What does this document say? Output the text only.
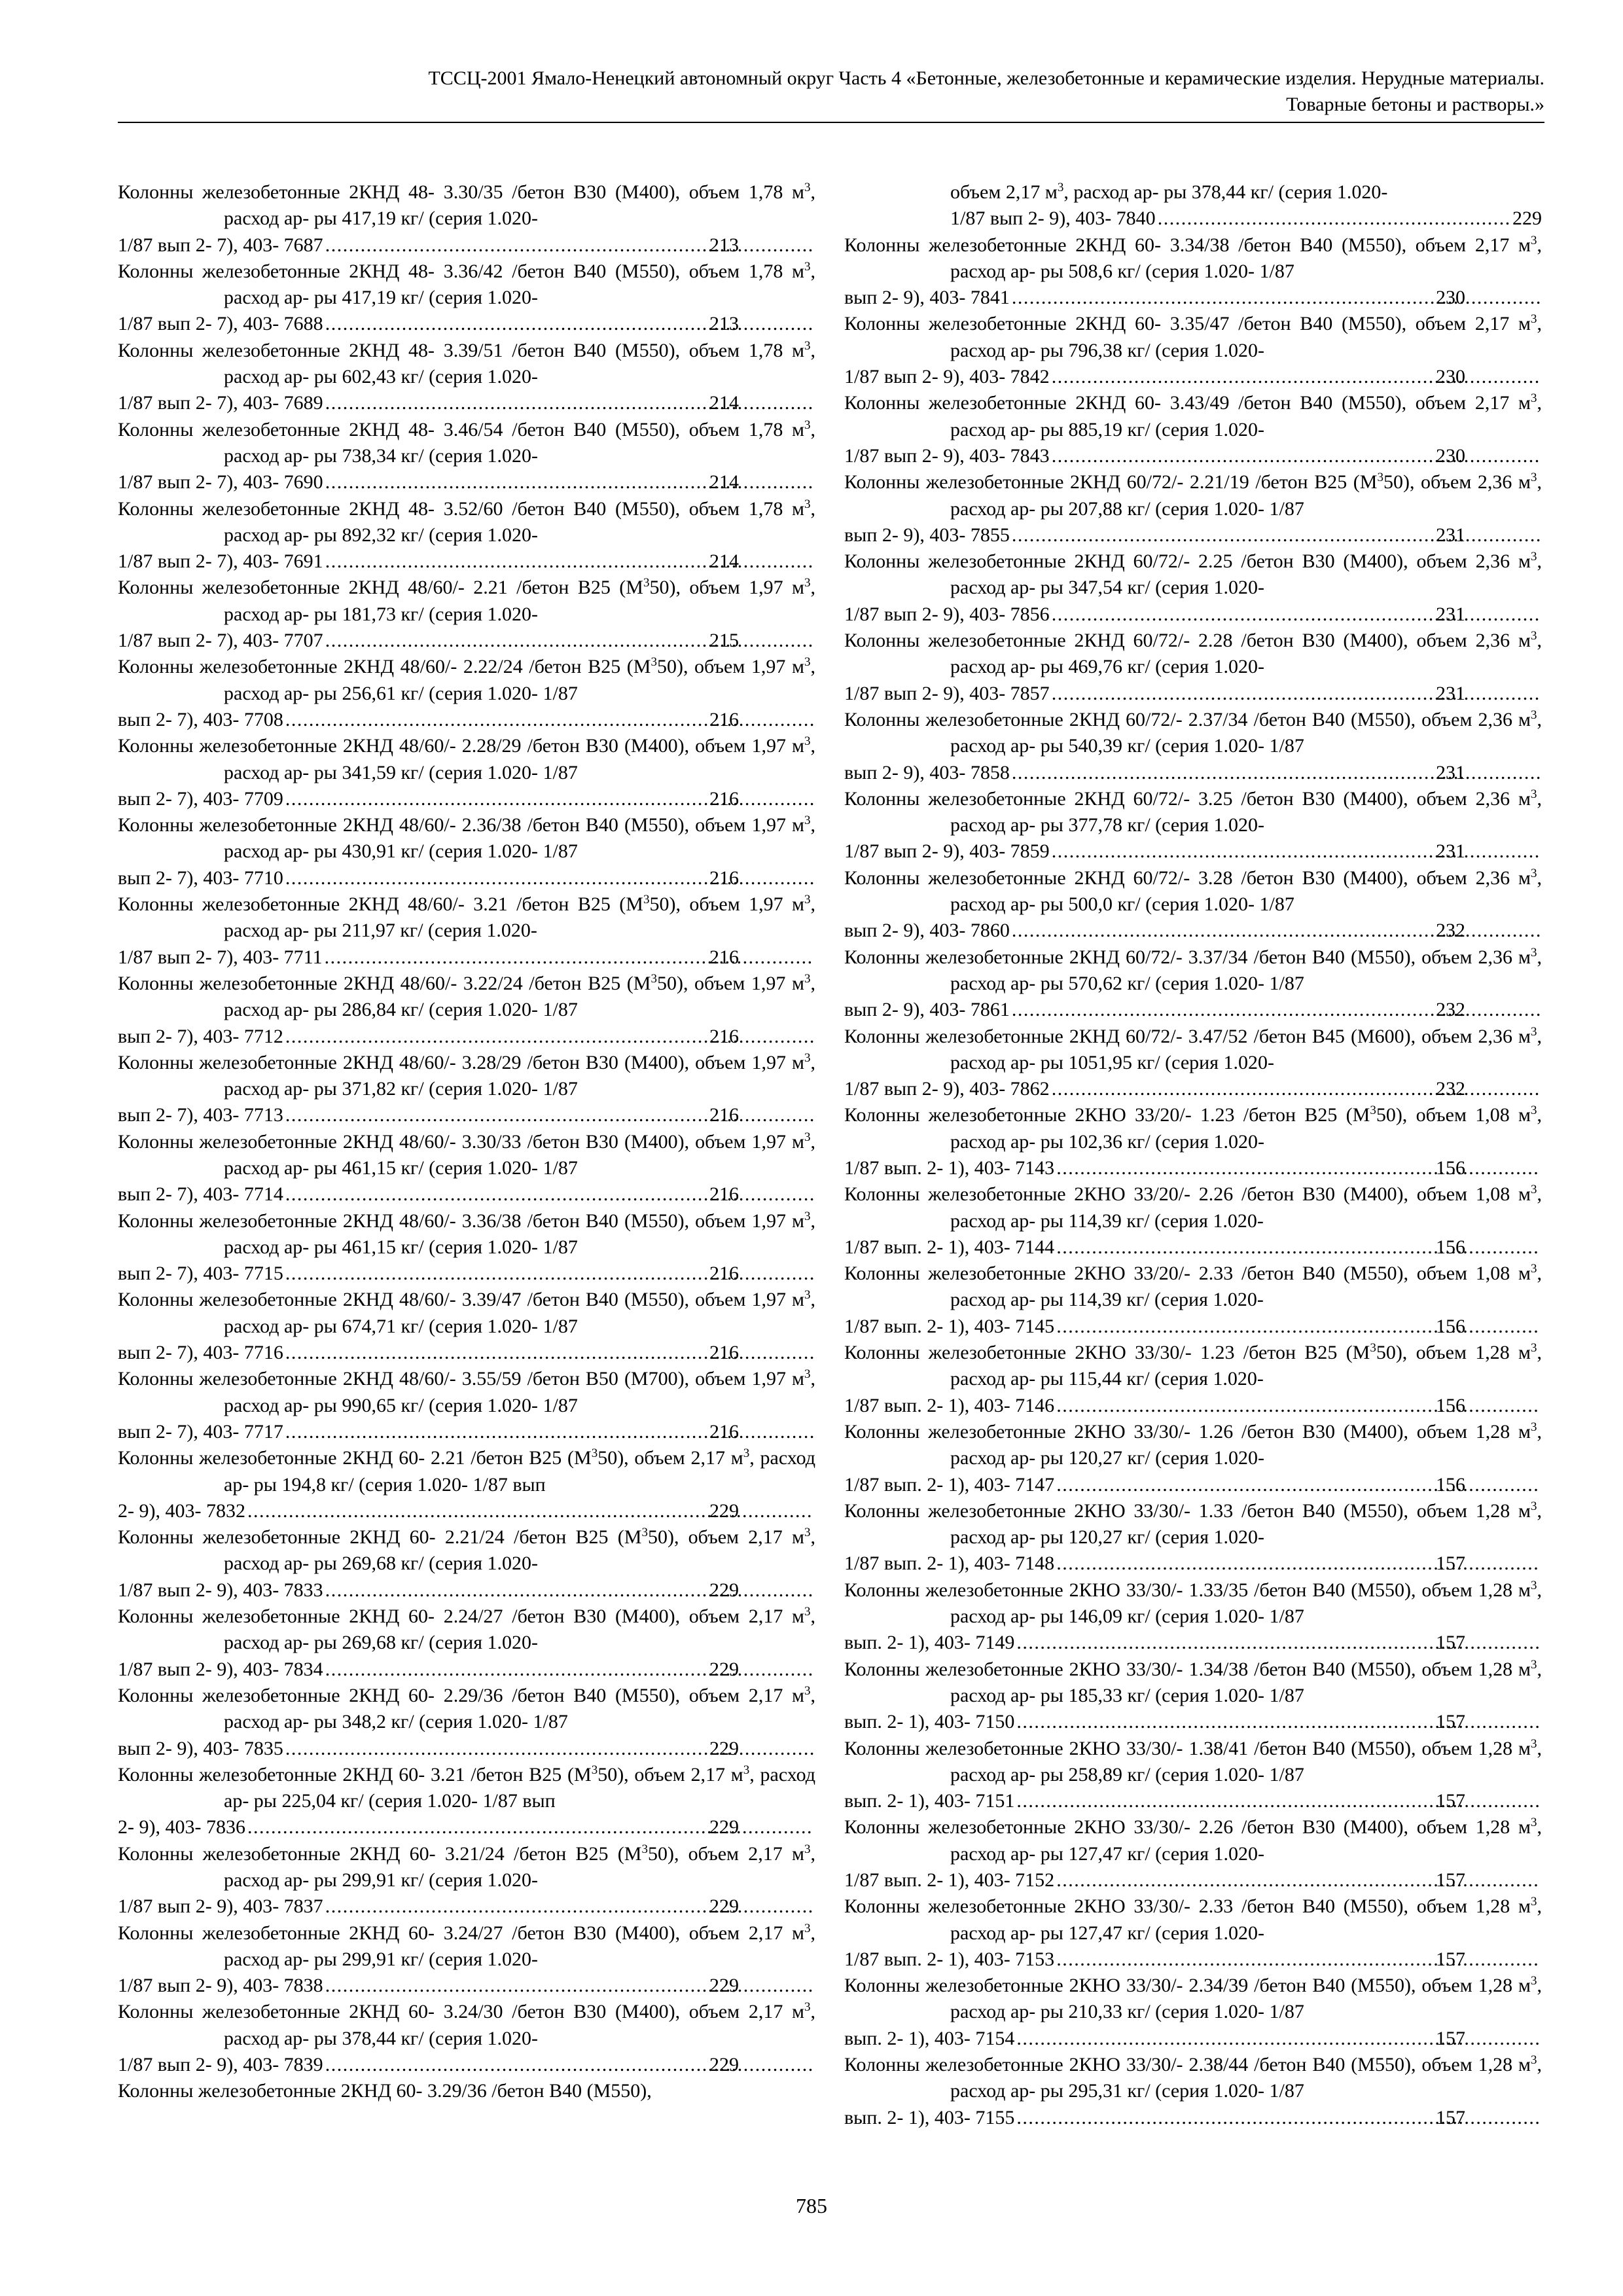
ТССЦ-2001 Ямало-Ненецкий автономный округ Часть 4 «Бетонные, железобетонные и керамические изделия. Нерудные материалы.
Товарные бетоны и растворы.»
Колонны железобетонные 2КНД 48- 3.30/35 /бетон В30 (М400), объем 1,78 $м^3$, расход ар- ры 417,19 кг/ (серия 1.020-
1/87 вып 2- 7), 403- 7687 . . .	213
Колонны железобетонные 2КНД 48- 3.36/42 /бетон В40 (М550), объем 1,78 $м^3$, расход ар- ры 417,19 кг/ (серия 1.020-
1/87 вып 2- 7), 403- 7688 . . .	213
Колонны железобетонные 2КНД 48- 3.39/51 /бетон В40 (М550), объем 1,78 $м^3$, расход ар- ры 602,43 кг/ (серия 1.020-
1/87 вып 2- 7), 403- 7689 . . .	214
Колонны железобетонные 2КНД 48- 3.46/54 /бетон В40 (М550), объем 1,78 $м^3$, расход ар- ры 738,34 кг/ (серия 1.020-
1/87 вып 2- 7), 403- 7690 . . .	214
Колонны железобетонные 2КНД 48- 3.52/60 /бетон В40 (М550), объем 1,78 $м^3$, расход ар- ры 892,32 кг/ (серия 1.020-
1/87 вып 2- 7), 403- 7691 . . .	214
Колонны железобетонные 2КНД 48/60/- 2.21 /бетон В25 $(М^350)$, объем 1,97 $м^3$, расход ар- ры 181,73 кг/ (серия 1.020-
1/87 вып 2- 7), 403- 7707 . . .	215
Колонны железобетонные 2КНД 48/60/- 2.22/24 /бетон В25 $(М^350)$, объем 1,97 $м^3$, расход ар- ры 256,61 кг/ (серия 1.020- 1/87
вып 2- 7), 403- 7708 . . .	216
Колонны железобетонные 2КНД 48/60/- 2.28/29 /бетон В30 (М400), объем 1,97 $м^3$, расход ар- ры 341,59 кг/ (серия 1.020- 1/87
вып 2- 7), 403- 7709 . . .	216
Колонны железобетонные 2КНД 48/60/- 2.36/38 /бетон В40 (М550), объем 1,97 $м^3$, расход ар- ры 430,91 кг/ (серия 1.020- 1/87
вып 2- 7), 403- 7710 . . .	216
Колонны железобетонные 2КНД 48/60/- 3.21 /бетон В25 $(М^350)$, объем 1,97 $м^3$, расход ар- ры 211,97 кг/ (серия 1.020-
1/87 вып 2- 7), 403- 7711 . . .	216
Колонны железобетонные 2КНД 48/60/- 3.22/24 /бетон В25 $(М^350)$, объем 1,97 $м^3$, расход ар- ры 286,84 кг/ (серия 1.020- 1/87
вып 2- 7), 403- 7712 . . .	216
Колонны железобетонные 2КНД 48/60/- 3.28/29 /бетон В30 (М400), объем 1,97 $м^3$, расход ар- ры 371,82 кг/ (серия 1.020- 1/87
вып 2- 7), 403- 7713 . . .	216
Колонны железобетонные 2КНД 48/60/- 3.30/33 /бетон В30 (М400), объем 1,97 $м^3$, расход ар- ры 461,15 кг/ (серия 1.020- 1/87
вып 2- 7), 403- 7714 . . .	216
Колонны железобетонные 2КНД 48/60/- 3.36/38 /бетон В40 (М550), объем 1,97 $м^3$, расход ар- ры 461,15 кг/ (серия 1.020- 1/87
вып 2- 7), 403- 7715 . . .	216
Колонны железобетонные 2КНД 48/60/- 3.39/47 /бетон В40 (М550), объем 1,97 $м^3$, расход ар- ры 674,71 кг/ (серия 1.020- 1/87
вып 2- 7), 403- 7716 . . .	216
Колонны железобетонные 2КНД 48/60/- 3.55/59 /бетон В50 (М700), объем 1,97 $м^3$, расход ар- ры 990,65 кг/ (серия 1.020- 1/87
вып 2- 7), 403- 7717 . . .	216
Колонны железобетонные 2КНД 60- 2.21 /бетон В25 $(М^350)$, объем 2,17 $м^3$, расход ар- ры 194,8 кг/ (серия 1.020- 1/87 вып
2- 9), 403- 7832 . . .	229
Колонны железобетонные 2КНД 60- 2.21/24 /бетон В25 $(М^350)$, объем 2,17 $м^3$, расход ар- ры 269,68 кг/ (серия 1.020-
1/87 вып 2- 9), 403- 7833 . . .	229
Колонны железобетонные 2КНД 60- 2.24/27 /бетон В30 (М400), объем 2,17 $м^3$, расход ар- ры 269,68 кг/ (серия 1.020-
1/87 вып 2- 9), 403- 7834 . . .	229
Колонны железобетонные 2КНД 60- 2.29/36 /бетон В40 (М550), объем 2,17 $м^3$, расход ар- ры 348,2 кг/ (серия 1.020- 1/87
вып 2- 9), 403- 7835 . . .	229
Колонны железобетонные 2КНД 60- 3.21 /бетон В25 $(М^350)$, объем 2,17 $м^3$, расход ар- ры 225,04 кг/ (серия 1.020- 1/87 вып
2- 9), 403- 7836 . . .	229
Колонны железобетонные 2КНД 60- 3.21/24 /бетон В25 $(М^350)$, объем 2,17 $м^3$, расход ар- ры 299,91 кг/ (серия 1.020-
1/87 вып 2- 9), 403- 7837 . . .	229
Колонны железобетонные 2КНД 60- 3.24/27 /бетон В30 (М400), объем 2,17 $м^3$, расход ар- ры 299,91 кг/ (серия 1.020-
1/87 вып 2- 9), 403- 7838 . . .	229
Колонны железобетонные 2КНД 60- 3.24/30 /бетон В30 (М400), объем 2,17 $м^3$, расход ар- ры 378,44 кг/ (серия 1.020-
1/87 вып 2- 9), 403- 7839 . . .	229
Колонны железобетонные 2КНД 60- 3.29/36 /бетон В40 (М550),
объем 2,17 $м^3$, расход ар- ры 378,44 кг/ (серия 1.020-
1/87 вып 2- 9), 403- 7840 . . .	229
Колонны железобетонные 2КНД 60- 3.34/38 /бетон В40 (М550), объем 2,17 $м^3$, расход ар- ры 508,6 кг/ (серия 1.020- 1/87
вып 2- 9), 403- 7841 . . .	230
Колонны железобетонные 2КНД 60- 3.35/47 /бетон В40 (М550), объем 2,17 $м^3$, расход ар- ры 796,38 кг/ (серия 1.020-
1/87 вып 2- 9), 403- 7842 . . .	230
Колонны железобетонные 2КНД 60- 3.43/49 /бетон В40 (М550), объем 2,17 $м^3$, расход ар- ры 885,19 кг/ (серия 1.020-
1/87 вып 2- 9), 403- 7843 . . .	230
Колонны железобетонные 2КНД 60/72/- 2.21/19 /бетон В25 $(М^350)$, объем 2,36 $м^3$, расход ар- ры 207,88 кг/ (серия 1.020- 1/87
вып 2- 9), 403- 7855 . . .	231
Колонны железобетонные 2КНД 60/72/- 2.25 /бетон В30 (М400), объем 2,36 $м^3$, расход ар- ры 347,54 кг/ (серия 1.020-
1/87 вып 2- 9), 403- 7856 . . .	231
Колонны железобетонные 2КНД 60/72/- 2.28 /бетон В30 (М400), объем 2,36 $м^3$, расход ар- ры 469,76 кг/ (серия 1.020-
1/87 вып 2- 9), 403- 7857 . . .	231
Колонны железобетонные 2КНД 60/72/- 2.37/34 /бетон В40 (М550), объем 2,36 $м^3$, расход ар- ры 540,39 кг/ (серия 1.020- 1/87
вып 2- 9), 403- 7858 . . .	231
Колонны железобетонные 2КНД 60/72/- 3.25 /бетон В30 (М400), объем 2,36 $м^3$, расход ар- ры 377,78 кг/ (серия 1.020-
1/87 вып 2- 9), 403- 7859 . . .	231
Колонны железобетонные 2КНД 60/72/- 3.28 /бетон В30 (М400), объем 2,36 $м^3$, расход ар- ры 500,0 кг/ (серия 1.020- 1/87
вып 2- 9), 403- 7860 . . .	232
Колонны железобетонные 2КНД 60/72/- 3.37/34 /бетон В40 (М550), объем 2,36 $м^3$, расход ар- ры 570,62 кг/ (серия 1.020- 1/87
вып 2- 9), 403- 7861 . . .	232
Колонны железобетонные 2КНД 60/72/- 3.47/52 /бетон В45 (М600), объем 2,36 $м^3$, расход ар- ры 1051,95 кг/ (серия 1.020-
1/87 вып 2- 9), 403- 7862 . . .	232
Колонны железобетонные 2КНО 33/20/- 1.23 /бетон В25 $(М^350)$, объем 1,08 $м^3$, расход ар- ры 102,36 кг/ (серия 1.020-
1/87 вып. 2- 1), 403- 7143 . . .	156
Колонны железобетонные 2КНО 33/20/- 2.26 /бетон В30 (М400), объем 1,08 $м^3$, расход ар- ры 114,39 кг/ (серия 1.020-
1/87 вып. 2- 1), 403- 7144 . . .	156
Колонны железобетонные 2КНО 33/20/- 2.33 /бетон В40 (М550), объем 1,08 $м^3$, расход ар- ры 114,39 кг/ (серия 1.020-
1/87 вып. 2- 1), 403- 7145 . . .	156
Колонны железобетонные 2КНО 33/30/- 1.23 /бетон В25 $(М^350)$, объем 1,28 $м^3$, расход ар- ры 115,44 кг/ (серия 1.020-
1/87 вып. 2- 1), 403- 7146 . . .	156
Колонны железобетонные 2КНО 33/30/- 1.26 /бетон В30 (М400), объем 1,28 $м^3$, расход ар- ры 120,27 кг/ (серия 1.020-
1/87 вып. 2- 1), 403- 7147 . . .	156
Колонны железобетонные 2КНО 33/30/- 1.33 /бетон В40 (М550), объем 1,28 $м^3$, расход ар- ры 120,27 кг/ (серия 1.020-
1/87 вып. 2- 1), 403- 7148 . . .	157
Колонны железобетонные 2КНО 33/30/- 1.33/35 /бетон В40 (М550), объем 1,28 $м^3$, расход ар- ры 146,09 кг/ (серия 1.020- 1/87
вып. 2- 1), 403- 7149 . . .	157
Колонны железобетонные 2КНО 33/30/- 1.34/38 /бетон В40 (М550), объем 1,28 $м^3$, расход ар- ры 185,33 кг/ (серия 1.020- 1/87
вып. 2- 1), 403- 7150 . . .	157
Колонны железобетонные 2КНО 33/30/- 1.38/41 /бетон В40 (М550), объем 1,28 $м^3$, расход ар- ры 258,89 кг/ (серия 1.020- 1/87
вып. 2- 1), 403- 7151 . . .	157
Колонны железобетонные 2КНО 33/30/- 2.26 /бетон В30 (М400), объем 1,28 $м^3$, расход ар- ры 127,47 кг/ (серия 1.020-
1/87 вып. 2- 1), 403- 7152 . . .	157
Колонны железобетонные 2КНО 33/30/- 2.33 /бетон В40 (М550), объем 1,28 $м^3$, расход ар- ры 127,47 кг/ (серия 1.020-
1/87 вып. 2- 1), 403- 7153 . . .	157
Колонны железобетонные 2КНО 33/30/- 2.34/39 /бетон В40 (М550), объем 1,28 $м^3$, расход ар- ры 210,33 кг/ (серия 1.020- 1/87
вып. 2- 1), 403- 7154 . . .	157
Колонны железобетонные 2КНО 33/30/- 2.38/44 /бетон В40 (М550), объем 1,28 $м^3$, расход ар- ры 295,31 кг/ (серия 1.020- 1/87
вып. 2- 1), 403- 7155 . . .	157
785
